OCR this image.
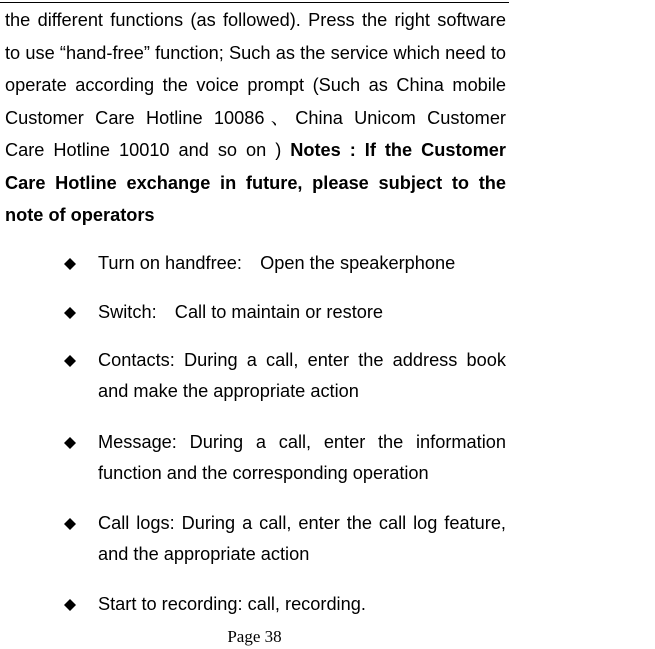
the different functions (as followed). Press the right software to use “hand-free” function; Such as the service which need to operate according the voice prompt (Such as China mobile Customer Care Hotline 10086、China Unicom Customer Care Hotline 10010 and so on ) Notes : If the Customer Care Hotline exchange in future, please subject to the note of operators

Turn on handfree:　Open the speakerphone
Switch:　Call to maintain or restore
Contacts: During a call, enter the address book and make the appropriate action
Message: During a call, enter the information function and the corresponding operation
Call logs: During a call, enter the call log feature, and the appropriate action
Start to recording: call, recording.
Page 38
